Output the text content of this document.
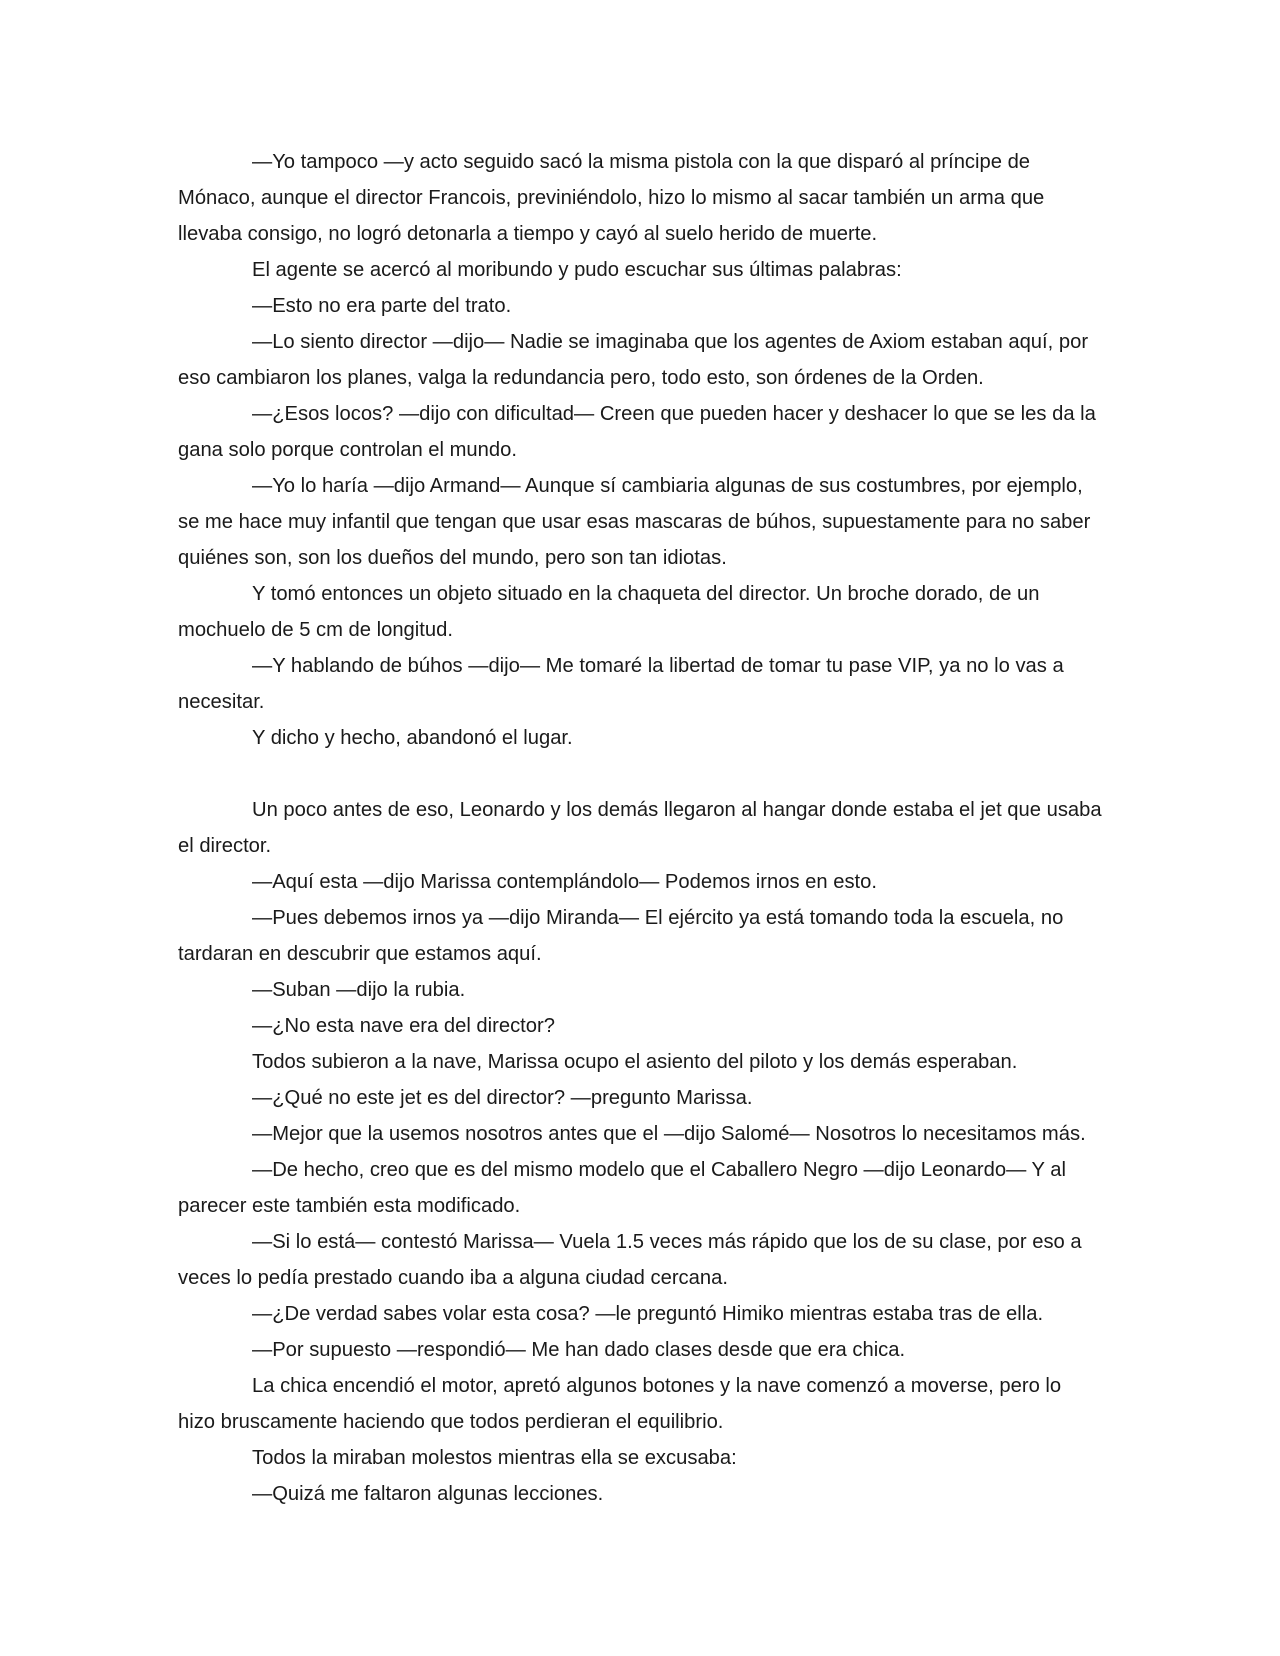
—Yo tampoco —y acto seguido sacó la misma pistola con la que disparó al príncipe de Mónaco, aunque el director Francois, previniéndolo, hizo lo mismo al sacar también un arma que llevaba consigo, no logró detonarla a tiempo y cayó al suelo herido de muerte.

El agente se acercó al moribundo y pudo escuchar sus últimas palabras:

—Esto no era parte del trato.

—Lo siento director —dijo— Nadie se imaginaba que los agentes de Axiom estaban aquí, por eso cambiaron los planes, valga la redundancia pero, todo esto, son órdenes de la Orden.

—¿Esos locos? —dijo con dificultad— Creen que pueden hacer y deshacer lo que se les da la gana solo porque controlan el mundo.

—Yo lo haría —dijo Armand— Aunque sí cambiaria algunas de sus costumbres, por ejemplo, se me hace muy infantil que tengan que usar esas mascaras de búhos, supuestamente para no saber quiénes son, son los dueños del mundo, pero son tan idiotas.

Y tomó entonces un objeto situado en la chaqueta del director. Un broche dorado, de un mochuelo de 5 cm de longitud.

—Y hablando de búhos —dijo— Me tomaré la libertad de tomar tu pase VIP, ya no lo vas a necesitar.

Y dicho y hecho, abandonó el lugar.

Un poco antes de eso, Leonardo y los demás llegaron al hangar donde estaba el jet que usaba el director.

—Aquí esta —dijo Marissa contemplándolo— Podemos irnos en esto.

—Pues debemos irnos ya —dijo Miranda— El ejército ya está tomando toda la escuela, no tardaran en descubrir que estamos aquí.

—Suban —dijo la rubia.

—¿No esta nave era del director?

Todos subieron a la nave, Marissa ocupo el asiento del piloto y los demás esperaban.

—¿Qué no este jet es del director? —pregunto Marissa.

—Mejor que la usemos nosotros antes que el —dijo Salomé— Nosotros lo necesitamos más.

—De hecho, creo que es del mismo modelo que el Caballero Negro —dijo Leonardo— Y al parecer este también esta modificado.

—Si lo está— contestó Marissa— Vuela 1.5 veces más rápido que los de su clase, por eso a veces lo pedía prestado cuando iba a alguna ciudad cercana.

—¿De verdad sabes volar esta cosa? —le preguntó Himiko mientras estaba tras de ella.

—Por supuesto —respondió— Me han dado clases desde que era chica.

La chica encendió el motor, apretó algunos botones y la nave comenzó a moverse, pero lo hizo bruscamente haciendo que todos perdieran el equilibrio.

Todos la miraban molestos mientras ella se excusaba:

—Quizá me faltaron algunas lecciones.
